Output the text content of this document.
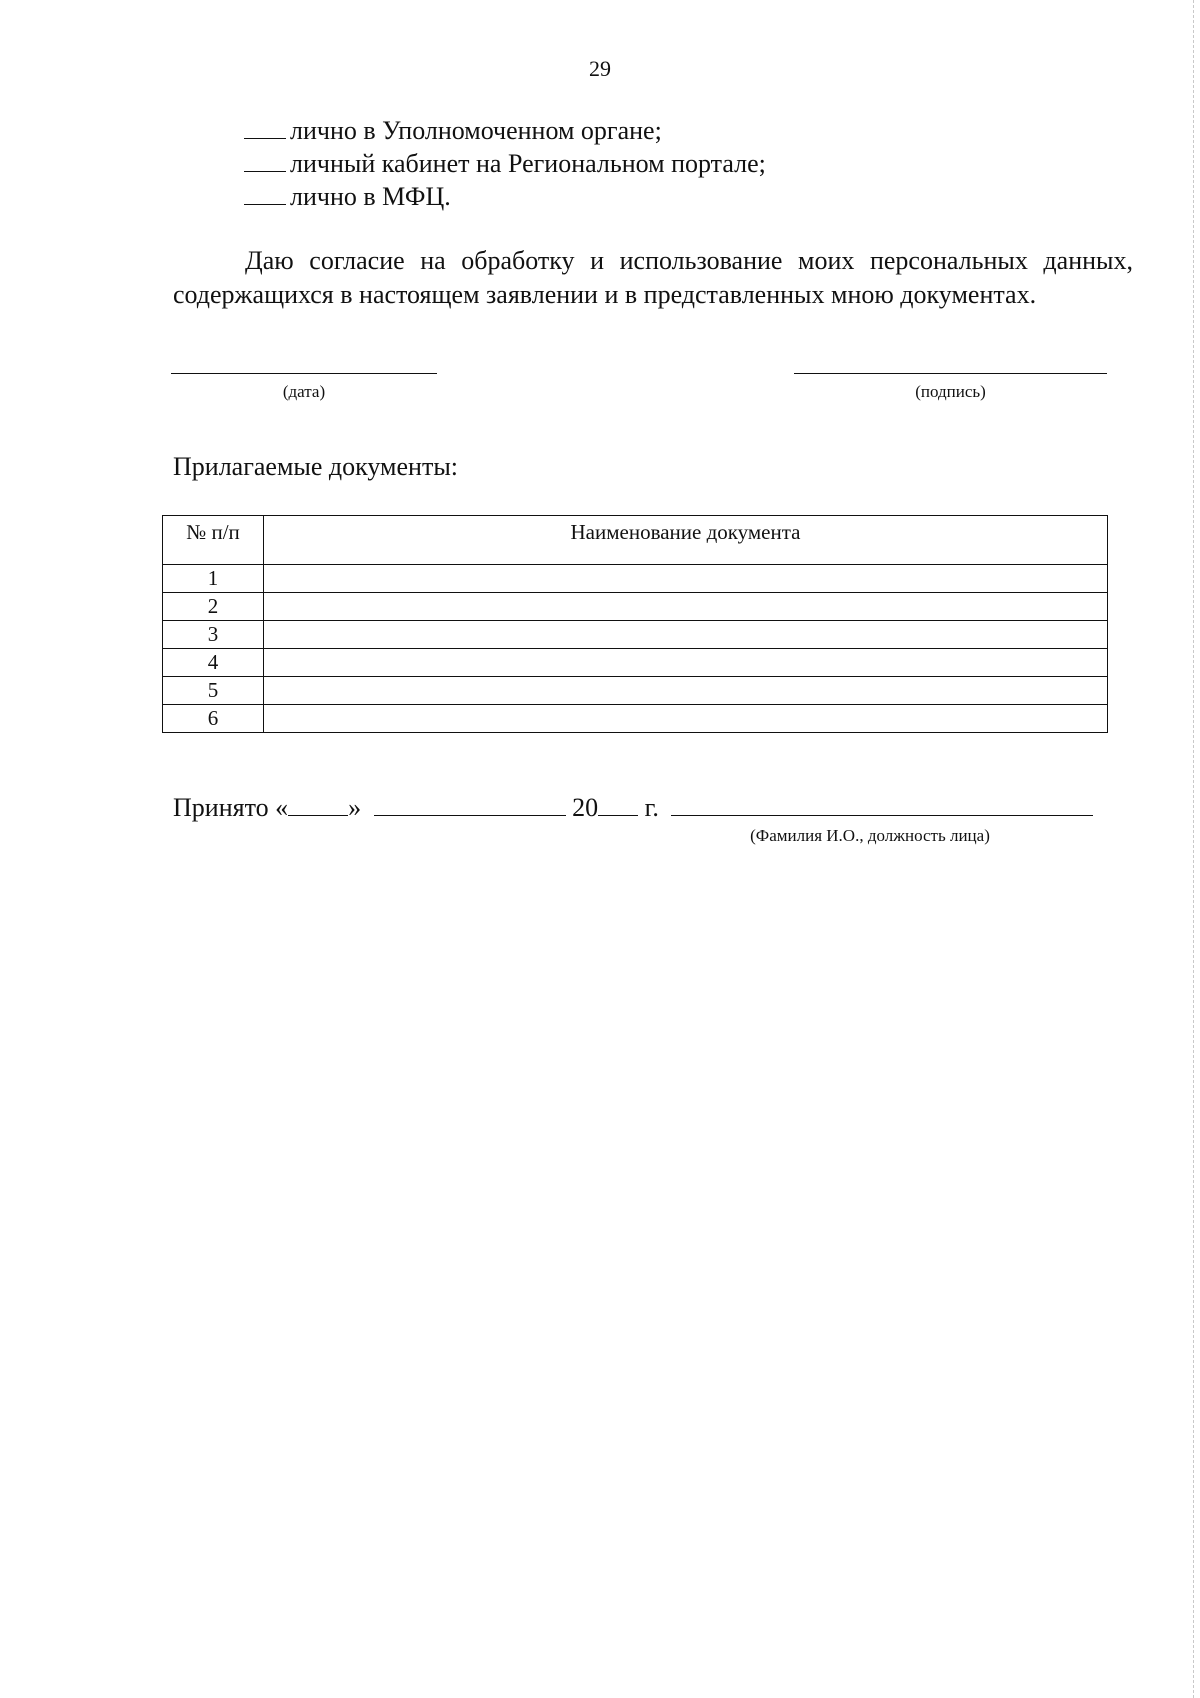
29
лично в Уполномоченном органе;
личный кабинет на Региональном портале;
лично в МФЦ.

Даю согласие на обработку и использование моих персональных данных, содержащихся в настоящем заявлении и в представленных мною документах.

(дата)	(подпись)
Прилагаемые документы:
№ п/п	Наименование документа
1	
2	
3	
4	
5	
6	
Принято « »	20 г.
(Фамилия И.О., должность лица)
